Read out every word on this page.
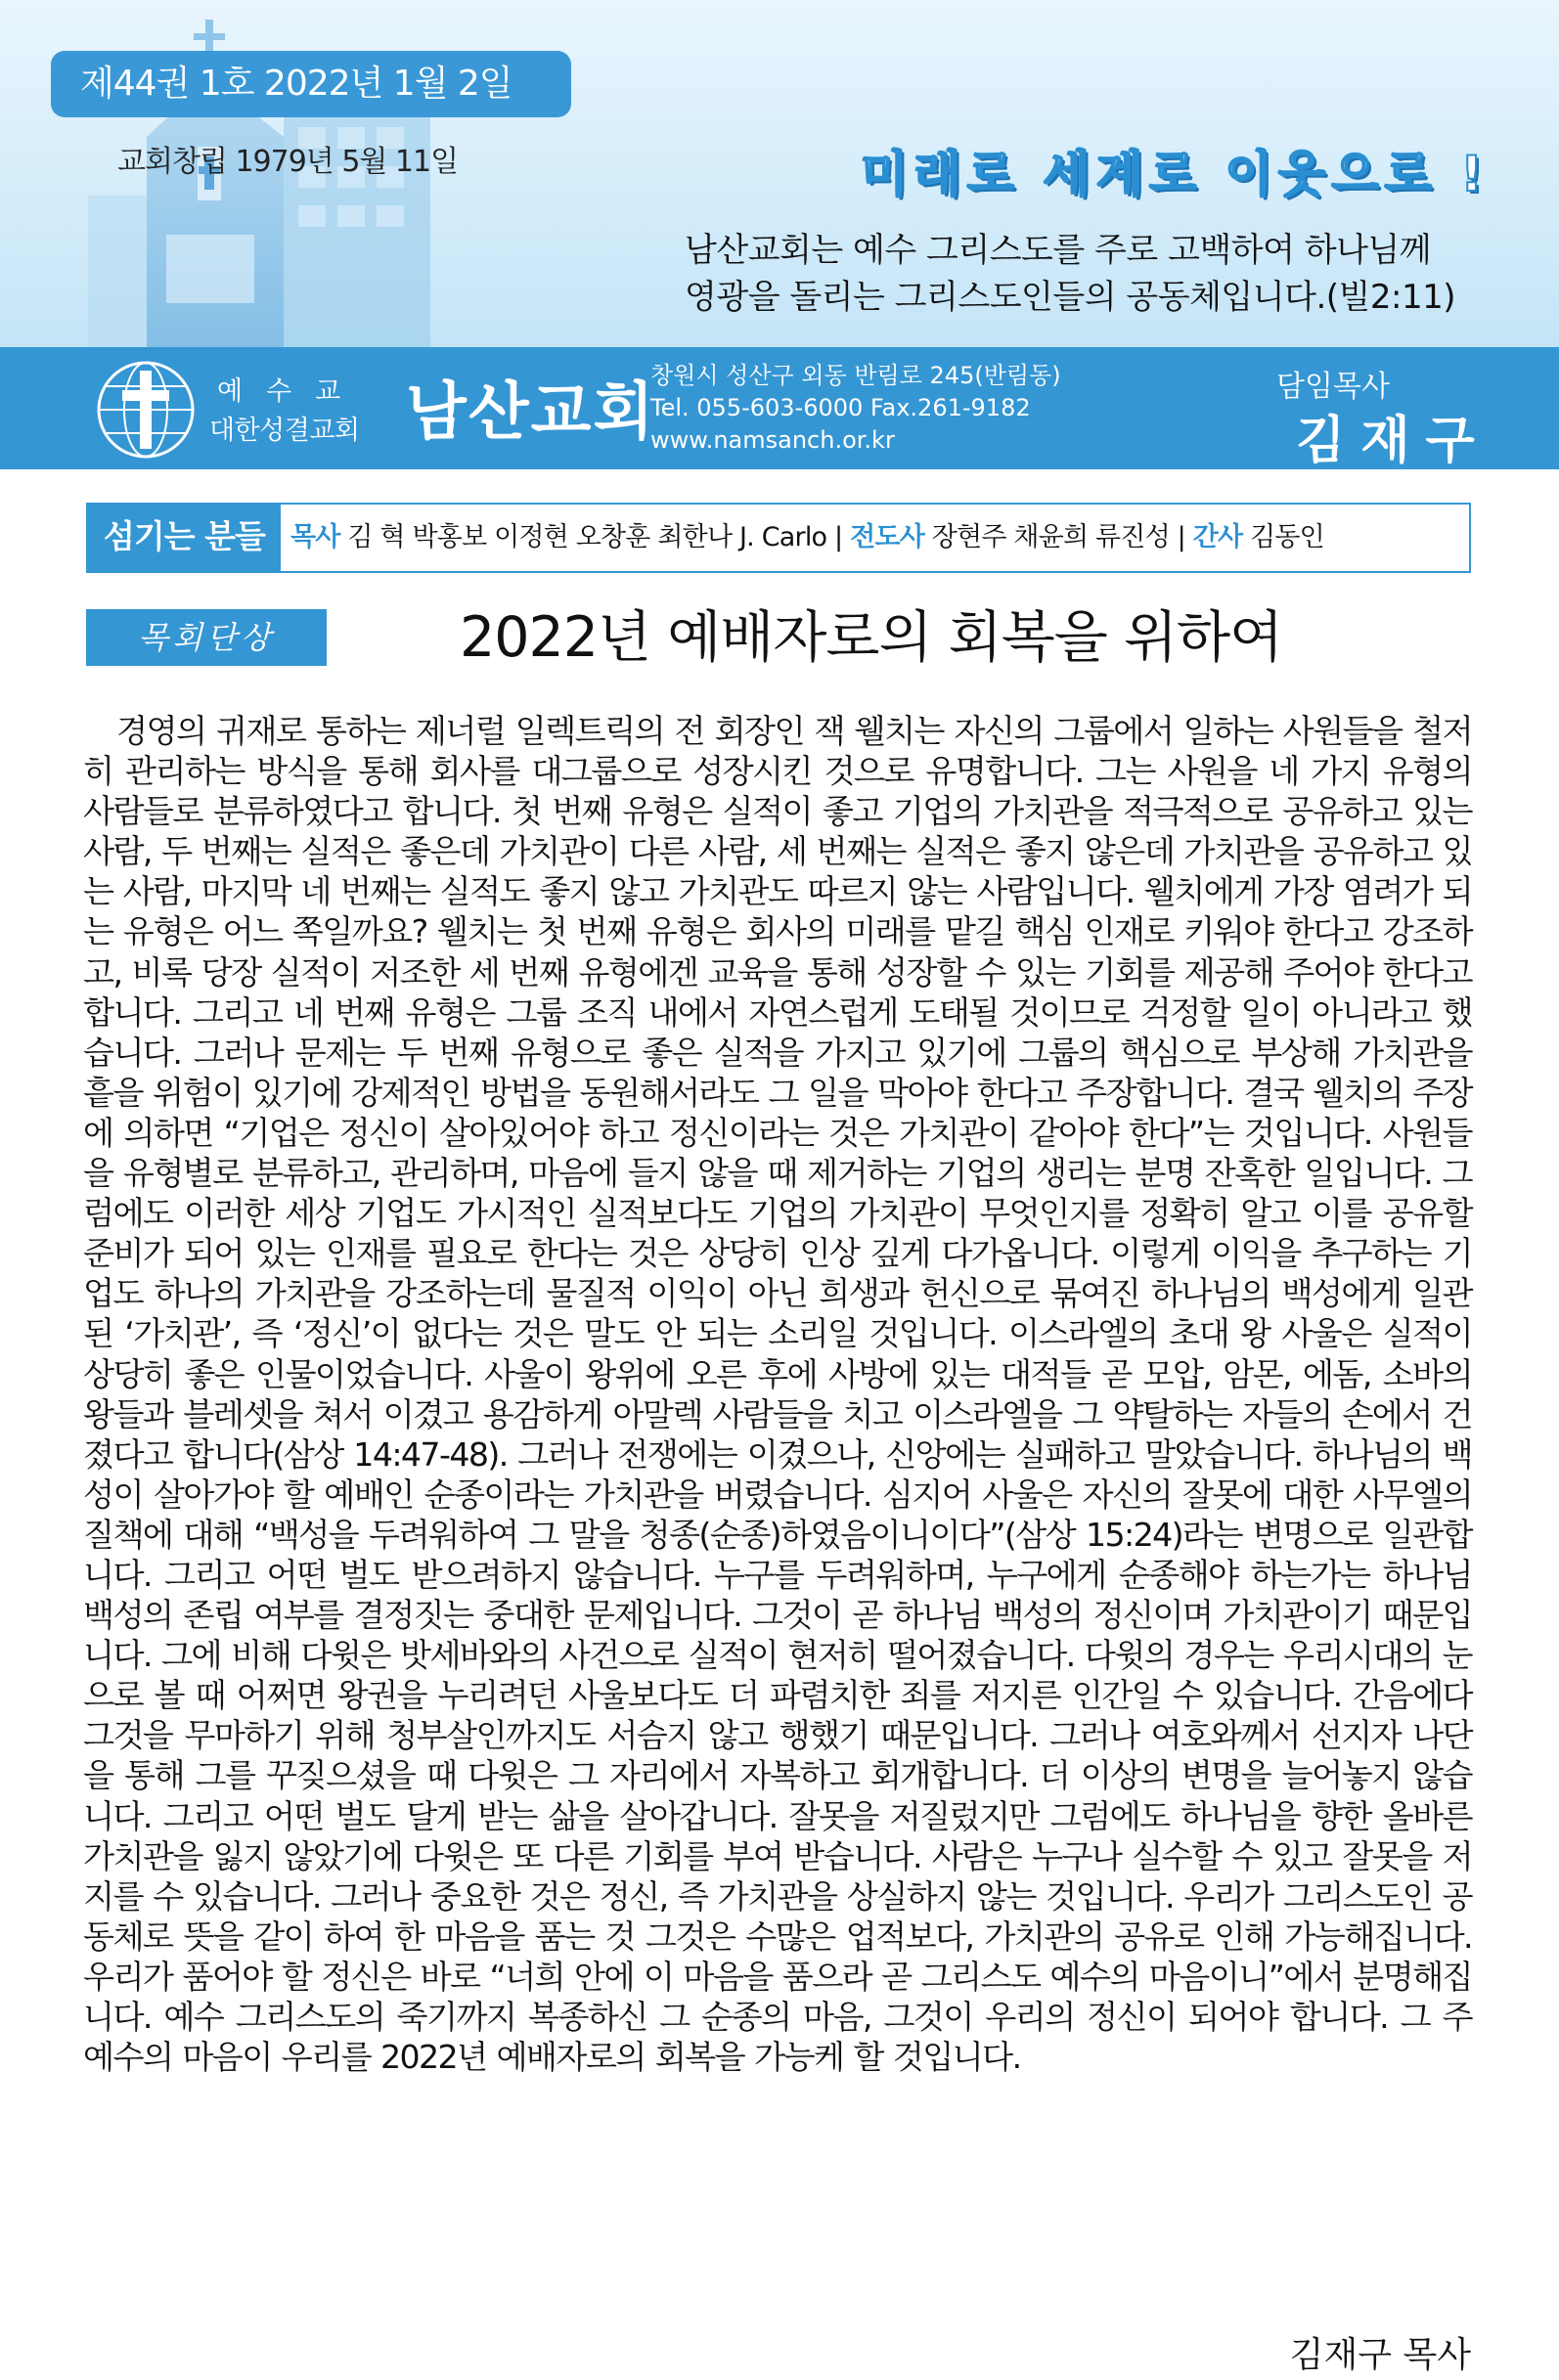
제44권 1호 2022년 1월 2일
교회창립 1979년 5월 11일	미래로 세계로 이웃으로 !
남산교회는 예수 그리스도를 주로 고백하여 하나님께
영광을 돌리는 그리스도인들의 공동체입니다.(빌2:11)
예수교
대한성결교회 남산교회
창원시 성산구 외동 반림로 245(반림동)
Tel. 055-603-6000 Fax.261-9182
www.namsanch.or.kr
담임목사
김재구
섬기는 분들 목사 김 혁 박홍보 이정현 오창훈 최한나 J. Carlo | 전도사 장현주 채윤희 류진성 | 간사 김동인
목회단상	2022년 예배자로의 회복을 위하여

경영의 귀재로 통하는 제너럴 일렉트릭의 전 회장인 잭 웰치는 자신의 그룹에서 일하는 사원들을 철저히 관리하는 방식을 통해 회사를 대그룹으로 성장시킨 것으로 유명합니다. 그는 사원을 네 가지 유형의 사람들로 분류하였다고 합니다. 첫 번째 유형은 실적이 좋고 기업의 가치관을 적극적으로 공유하고 있는 사람, 두 번째는 실적은 좋은데 가치관이 다른 사람, 세 번째는 실적은 좋지 않은데 가치관을 공유하고 있는 사람, 마지막 네 번째는 실적도 좋지 않고 가치관도 따르지 않는 사람입니다. 웰치에게 가장 염려가 되는 유형은 어느 쪽일까요? 웰치는 첫 번째 유형은 회사의 미래를 맡길 핵심 인재로 키워야 한다고 강조하고, 비록 당장 실적이 저조한 세 번째 유형에겐 교육을 통해 성장할 수 있는 기회를 제공해 주어야 한다고 합니다. 그리고 네 번째 유형은 그룹 조직 내에서 자연스럽게 도태될 것이므로 걱정할 일이 아니라고 했습니다. 그러나 문제는 두 번째 유형으로 좋은 실적을 가지고 있기에 그룹의 핵심으로 부상해 가치관을 흩을 위험이 있기에 강제적인 방법을 동원해서라도 그 일을 막아야 한다고 주장합니다. 결국 웰치의 주장에 의하면 “기업은 정신이 살아있어야 하고 정신이라는 것은 가치관이 같아야 한다”는 것입니다. 사원들을 유형별로 분류하고, 관리하며, 마음에 들지 않을 때 제거하는 기업의 생리는 분명 잔혹한 일입니다. 그럼에도 이러한 세상 기업도 가시적인 실적보다도 기업의 가치관이 무엇인지를 정확히 알고 이를 공유할 준비가 되어 있는 인재를 필요로 한다는 것은 상당히 인상 깊게 다가옵니다. 이렇게 이익을 추구하는 기업도 하나의 가치관을 강조하는데 물질적 이익이 아닌 희생과 헌신으로 묶여진 하나님의 백성에게 일관된 ‘가치관’, 즉 ‘정신’이 없다는 것은 말도 안 되는 소리일 것입니다. 이스라엘의 초대 왕 사울은 실적이 상당히 좋은 인물이었습니다. 사울이 왕위에 오른 후에 사방에 있는 대적들 곧 모압, 암몬, 에돔, 소바의 왕들과 블레셋을 쳐서 이겼고 용감하게 아말렉 사람들을 치고 이스라엘을 그 약탈하는 자들의 손에서 건졌다고 합니다(삼상 14:47-48). 그러나 전쟁에는 이겼으나, 신앙에는 실패하고 말았습니다. 하나님의 백성이 살아가야 할 예배인 순종이라는 가치관을 버렸습니다. 심지어 사울은 자신의 잘못에 대한 사무엘의 질책에 대해 “백성을 두려워하여 그 말을 청종(순종)하였음이니이다”(삼상 15:24)라는 변명으로 일관합니다. 그리고 어떤 벌도 받으려하지 않습니다. 누구를 두려워하며, 누구에게 순종해야 하는가는 하나님 백성의 존립 여부를 결정짓는 중대한 문제입니다. 그것이 곧 하나님 백성의 정신이며 가치관이기 때문입니다. 그에 비해 다윗은 밧세바와의 사건으로 실적이 현저히 떨어졌습니다. 다윗의 경우는 우리시대의 눈으로 볼 때 어쩌면 왕권을 누리려던 사울보다도 더 파렴치한 죄를 저지른 인간일 수 있습니다. 간음에다 그것을 무마하기 위해 청부살인까지도 서슴지 않고 행했기 때문입니다. 그러나 여호와께서 선지자 나단을 통해 그를 꾸짖으셨을 때 다윗은 그 자리에서 자복하고 회개합니다. 더 이상의 변명을 늘어놓지 않습니다. 그리고 어떤 벌도 달게 받는 삶을 살아갑니다. 잘못을 저질렀지만 그럼에도 하나님을 향한 올바른 가치관을 잃지 않았기에 다윗은 또 다른 기회를 부여 받습니다. 사람은 누구나 실수할 수 있고 잘못을 저지를 수 있습니다. 그러나 중요한 것은 정신, 즉 가치관을 상실하지 않는 것입니다. 우리가 그리스도인 공동체로 뜻을 같이 하여 한 마음을 품는 것 그것은 수많은 업적보다, 가치관의 공유로 인해 가능해집니다. 우리가 품어야 할 정신은 바로 “너희 안에 이 마음을 품으라 곧 그리스도 예수의 마음이니”에서 분명해집니다. 예수 그리스도의 죽기까지 복종하신 그 순종의 마음, 그것이 우리의 정신이 되어야 합니다. 그 주 예수의 마음이 우리를 2022년 예배자로의 회복을 가능케 할 것입니다.

김재구 목사
